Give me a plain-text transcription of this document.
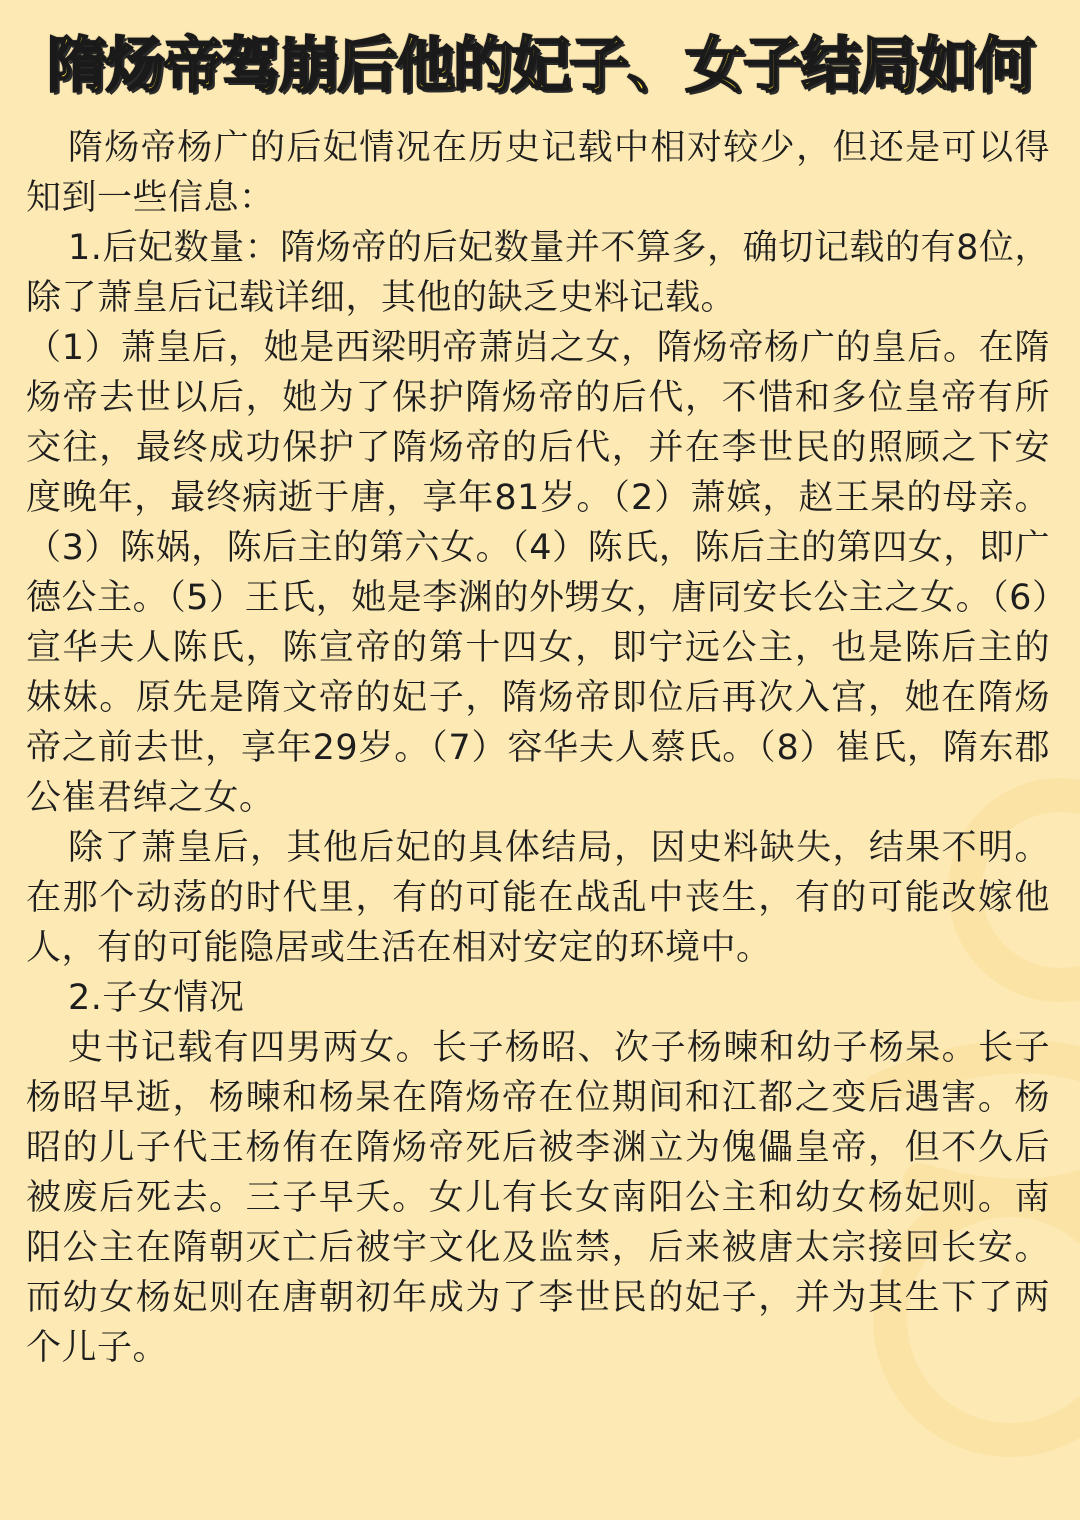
隋炀帝驾崩后他的妃子、女子结局如何

隋炀帝杨广的后妃情况在历史记载中相对较少，但还是可以得知到一些信息：

1.后妃数量：隋炀帝的后妃数量并不算多，确切记载的有8位，除了萧皇后记载详细，其他的缺乏史料记载。

（1）萧皇后，她是西梁明帝萧岿之女，隋炀帝杨广的皇后。在隋炀帝去世以后，她为了保护隋炀帝的后代，不惜和多位皇帝有所交往，最终成功保护了隋炀帝的后代，并在李世民的照顾之下安度晚年，最终病逝于唐，享年81岁。（2）萧嫔，赵王杲的母亲。（3）陈娲，陈后主的第六女。（4）陈氏，陈后主的第四女，即广德公主。（5）王氏，她是李渊的外甥女，唐同安长公主之女。（6）宣华夫人陈氏，陈宣帝的第十四女，即宁远公主，也是陈后主的妹妹。原先是隋文帝的妃子，隋炀帝即位后再次入宫，她在隋炀帝之前去世，享年29岁。（7）容华夫人蔡氏。（8）崔氏，隋东郡公崔君绰之女。

除了萧皇后，其他后妃的具体结局，因史料缺失，结果不明。在那个动荡的时代里，有的可能在战乱中丧生，有的可能改嫁他人，有的可能隐居或生活在相对安定的环境中。

2.子女情况

史书记载有四男两女。长子杨昭、次子杨暕和幼子杨杲。长子杨昭早逝，杨暕和杨杲在隋炀帝在位期间和江都之变后遇害。杨昭的儿子代王杨侑在隋炀帝死后被李渊立为傀儡皇帝，但不久后被废后死去。三子早夭。女儿有长女南阳公主和幼女杨妃则。南阳公主在隋朝灭亡后被宇文化及监禁，后来被唐太宗接回长安。而幼女杨妃则在唐朝初年成为了李世民的妃子，并为其生下了两个儿子。
